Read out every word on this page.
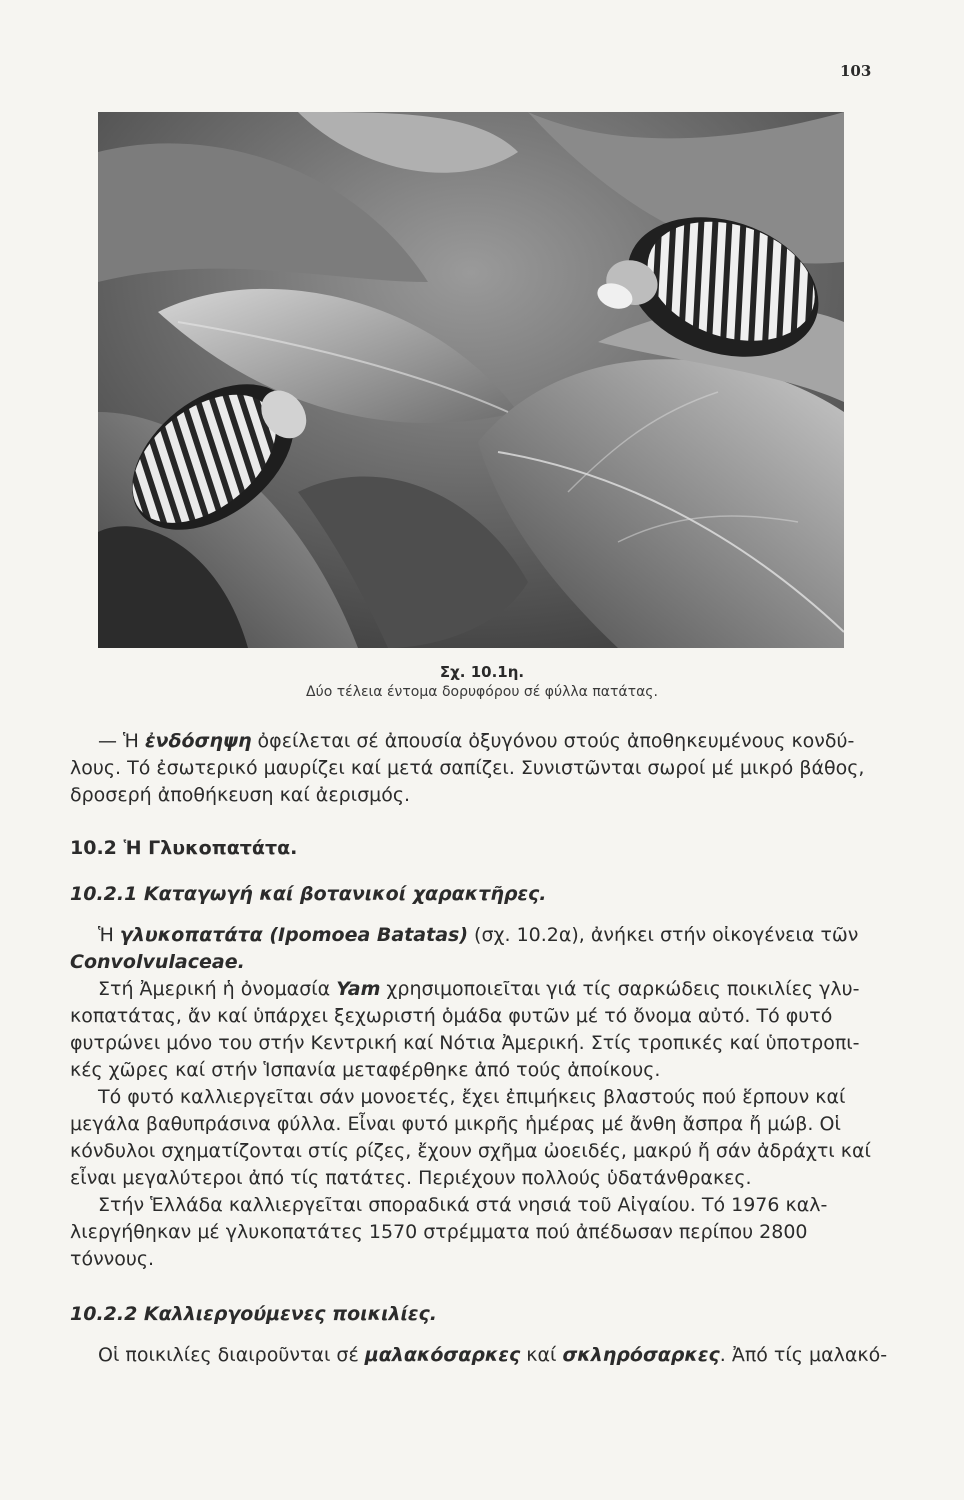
103
Σχ. 10.1η.
Δύο τέλεια έντομα δορυφόρου σέ φύλλα πατάτας.
— Ἡ ἐνδόσηψη ὀφείλεται σέ ἀπουσία ὀξυγόνου στούς ἀποθηκευμένους κονδύ-
λους. Τό ἐσωτερικό μαυρίζει καί μετά σαπίζει. Συνιστῶνται σωροί μέ μικρό βάθος,
δροσερή ἀποθήκευση καί ἀερισμός.
10.2 Ἡ Γλυκοπατάτα.
10.2.1 Καταγωγή καί βοτανικοί χαρακτῆρες.
Ἡ γλυκοπατάτα (Ipomoea Batatas) (σχ. 10.2α), ἀνήκει στήν οἰκογένεια τῶν
Convolvulaceae.
Στή Ἀμερική ἡ ὀνομασία Yam χρησιμοποιεῖται γιά τίς σαρκώδεις ποικιλίες γλυ-
κοπατάτας, ἄν καί ὑπάρχει ξεχωριστή ὁμάδα φυτῶν μέ τό ὄνομα αὐτό. Τό φυτό
φυτρώνει μόνο του στήν Κεντρική καί Νότια Ἀμερική. Στίς τροπικές καί ὑποτροπι-
κές χῶρες καί στήν Ἱσπανία μεταφέρθηκε ἀπό τούς ἀποίκους.
Τό φυτό καλλιεργεῖται σάν μονοετές, ἔχει ἐπιμήκεις βλαστούς πού ἕρπουν καί
μεγάλα βαθυπράσινα φύλλα. Εἶναι φυτό μικρῆς ἡμέρας μέ ἄνθη ἄσπρα ἤ μώβ. Οἱ
κόνδυλοι σχηματίζονται στίς ρίζες, ἔχουν σχῆμα ὠοειδές, μακρύ ἤ σάν ἀδράχτι καί
εἶναι μεγαλύτεροι ἀπό τίς πατάτες. Περιέχουν πολλούς ὑδατάνθρακες.
Στήν Ἑλλάδα καλλιεργεῖται σποραδικά στά νησιά τοῦ Αἰγαίου. Τό 1976 καλ-
λιεργήθηκαν μέ γλυκοπατάτες 1570 στρέμματα πού ἀπέδωσαν περίπου 2800
τόννους.
10.2.2 Καλλιεργούμενες ποικιλίες.
Οἱ ποικιλίες διαιροῦνται σέ μαλακόσαρκες καί σκληρόσαρκες. Ἀπό τίς μαλακό-
